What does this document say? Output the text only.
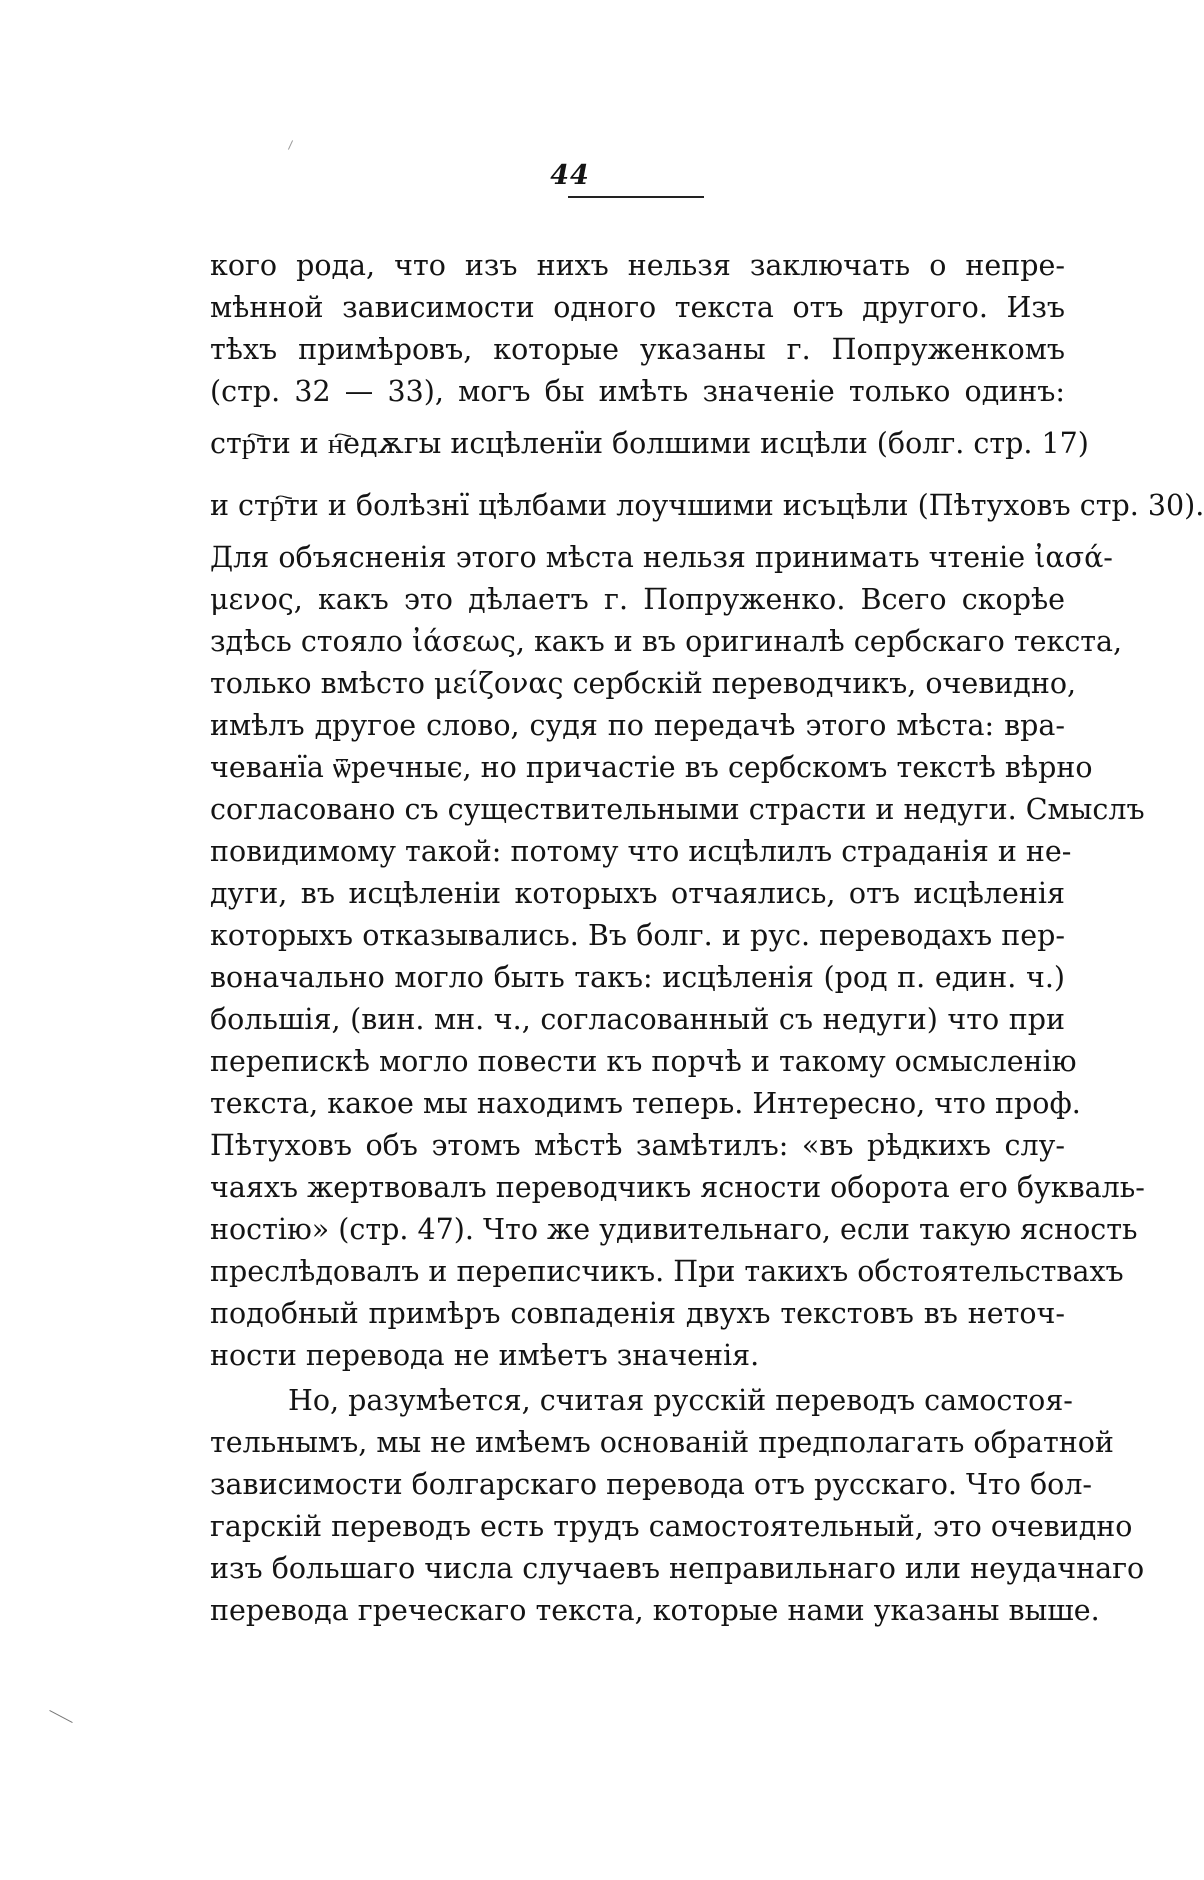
44
кого рода, что изъ нихъ нельзя заключать о непре-
мѣнной зависимости одного текста отъ другого. Изъ
тѣхъ примѣровъ, которые указаны г. Попруженкомъ
(стр. 32 — 33), могъ бы имѣть значеніе только одинъ:
стр҇ти и н҇едѫгы исцѣленїи болшими исцѣли (болг. стр. 17)
и стр҇ти и болѣзнї цѣлбами лоучшими исъцѣли (Пѣтуховъ стр. 30).
Для объясненія этого мѣста нельзя принимать чтеніе ἰασά-
μενος, какъ это дѣлаетъ г. Попруженко. Всего скорѣе
здѣсь стояло ἰάσεως, какъ и въ оригиналѣ сербскаго текста,
только вмѣсто μείζονας сербскій переводчикъ, очевидно,
имѣлъ другое слово, судя по передачѣ этого мѣста: вра-
чеванїа ѿречныє, но причастіе въ сербскомъ текстѣ вѣрно
согласовано съ существительными страсти и недуги. Смыслъ
повидимому такой: потому что исцѣлилъ страданія и не-
дуги, въ исцѣленіи которыхъ отчаялись, отъ исцѣленія
которыхъ отказывались. Въ болг. и рус. переводахъ пер-
воначально могло быть такъ: исцѣленія (род п. един. ч.)
большія, (вин. мн. ч., согласованный съ недуги) что при
перепискѣ могло повести къ порчѣ и такому осмысленію
текста, какое мы находимъ теперь. Интересно, что проф.
Пѣтуховъ объ этомъ мѣстѣ замѣтилъ: «въ рѣдкихъ слу-
чаяхъ жертвовалъ переводчикъ ясности оборота его буквaль-
ностію» (стр. 47). Что же удивительнаго, если такую ясность
преслѣдовалъ и переписчикъ. При такихъ обстоятельствахъ
подобный примѣръ совпаденія двухъ текстовъ въ неточ-
ности перевода не имѣетъ значенія.
Но, разумѣется, считая русскій переводъ самостоя-
тельнымъ, мы не имѣемъ основаній предполагать обратной
зависимости болгарскаго перевода отъ русскаго. Что бол-
гарскій переводъ есть трудъ самостоятельный, это очевидно
изъ большаго числа случаевъ неправильнаго или неудачнаго
перевода греческаго текста, которые нами указаны выше.
